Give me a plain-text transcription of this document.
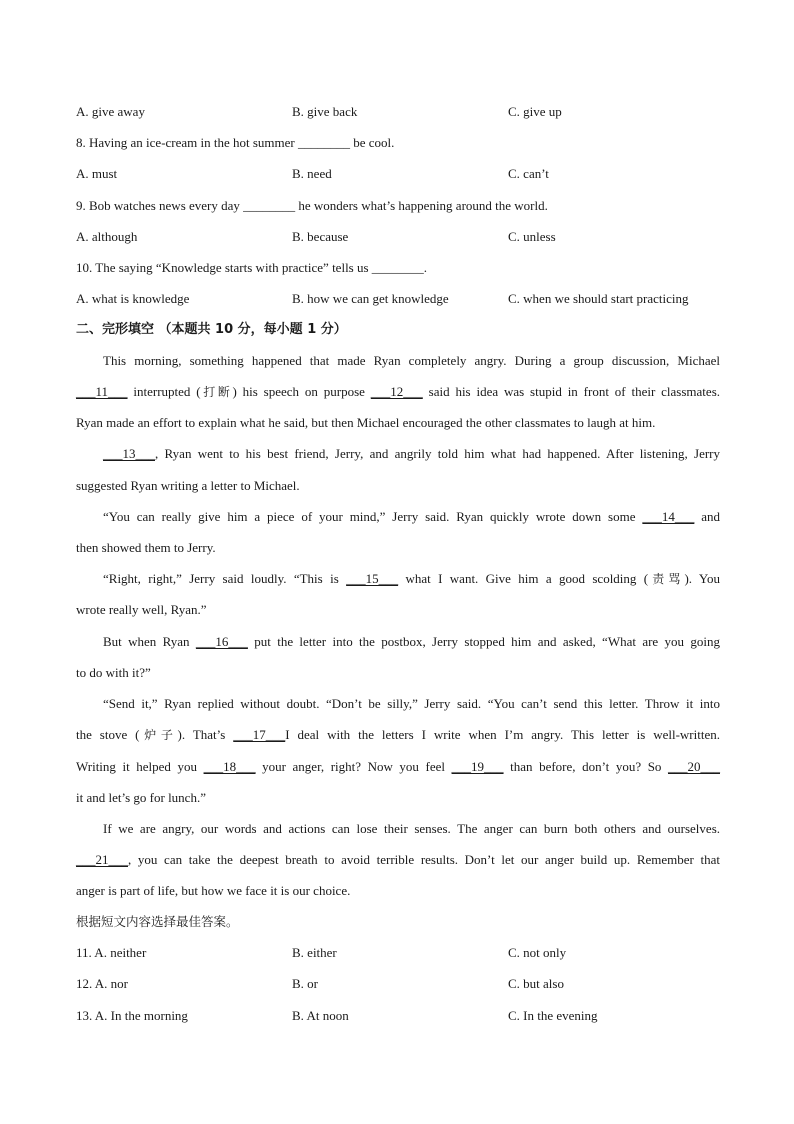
A. give away	B. give back	C. give up
8. Having an ice-cream in the hot summer ________ be cool.
A. must	B. need	C. can’t
9. Bob watches news every day ________ he wonders what’s happening around the world.
A. although	B. because	C. unless
10. The saying “Knowledge starts with practice” tells us ________.
A. what is knowledge	B. how we can get knowledge	C. when we should start practicing
二、完形填空 （本题共 10 分，每小题 1 分）
This morning, something happened that made Ryan completely angry. During a group discussion, Michael
___11___ interrupted (打断) his speech on purpose ___12___ said his idea was stupid in front of their classmates.
Ryan made an effort to explain what he said, but then Michael encouraged the other classmates to laugh at him.
___13___, Ryan went to his best friend, Jerry, and angrily told him what had happened. After listening, Jerry
suggested Ryan writing a letter to Michael.
“You can really give him a piece of your mind,” Jerry said. Ryan quickly wrote down some ___14___ and
then showed them to Jerry.
“Right, right,” Jerry said loudly. “This is ___15___ what I want. Give him a good scolding (责骂). You
wrote really well, Ryan.”
But when Ryan ___16___ put the letter into the postbox, Jerry stopped him and asked, “What are you going
to do with it?”
“Send it,” Ryan replied without doubt. “Don’t be silly,” Jerry said. “You can’t send this letter. Throw it into
the stove (炉子). That’s ___17___I deal with the letters I write when I’m angry. This letter is well-written.
Writing it helped you ___18___ your anger, right? Now you feel ___19___ than before, don’t you? So ___20___
it and let’s go for lunch.”
If we are angry, our words and actions can lose their senses. The anger can burn both others and ourselves.
___21___, you can take the deepest breath to avoid terrible results. Don’t let our anger build up. Remember that
anger is part of life, but how we face it is our choice.
根据短文内容选择最佳答案。
11. A. neither	B. either	C. not only
12. A. nor	B. or	C. but also
13. A. In the morning	B. At noon	C. In the evening
